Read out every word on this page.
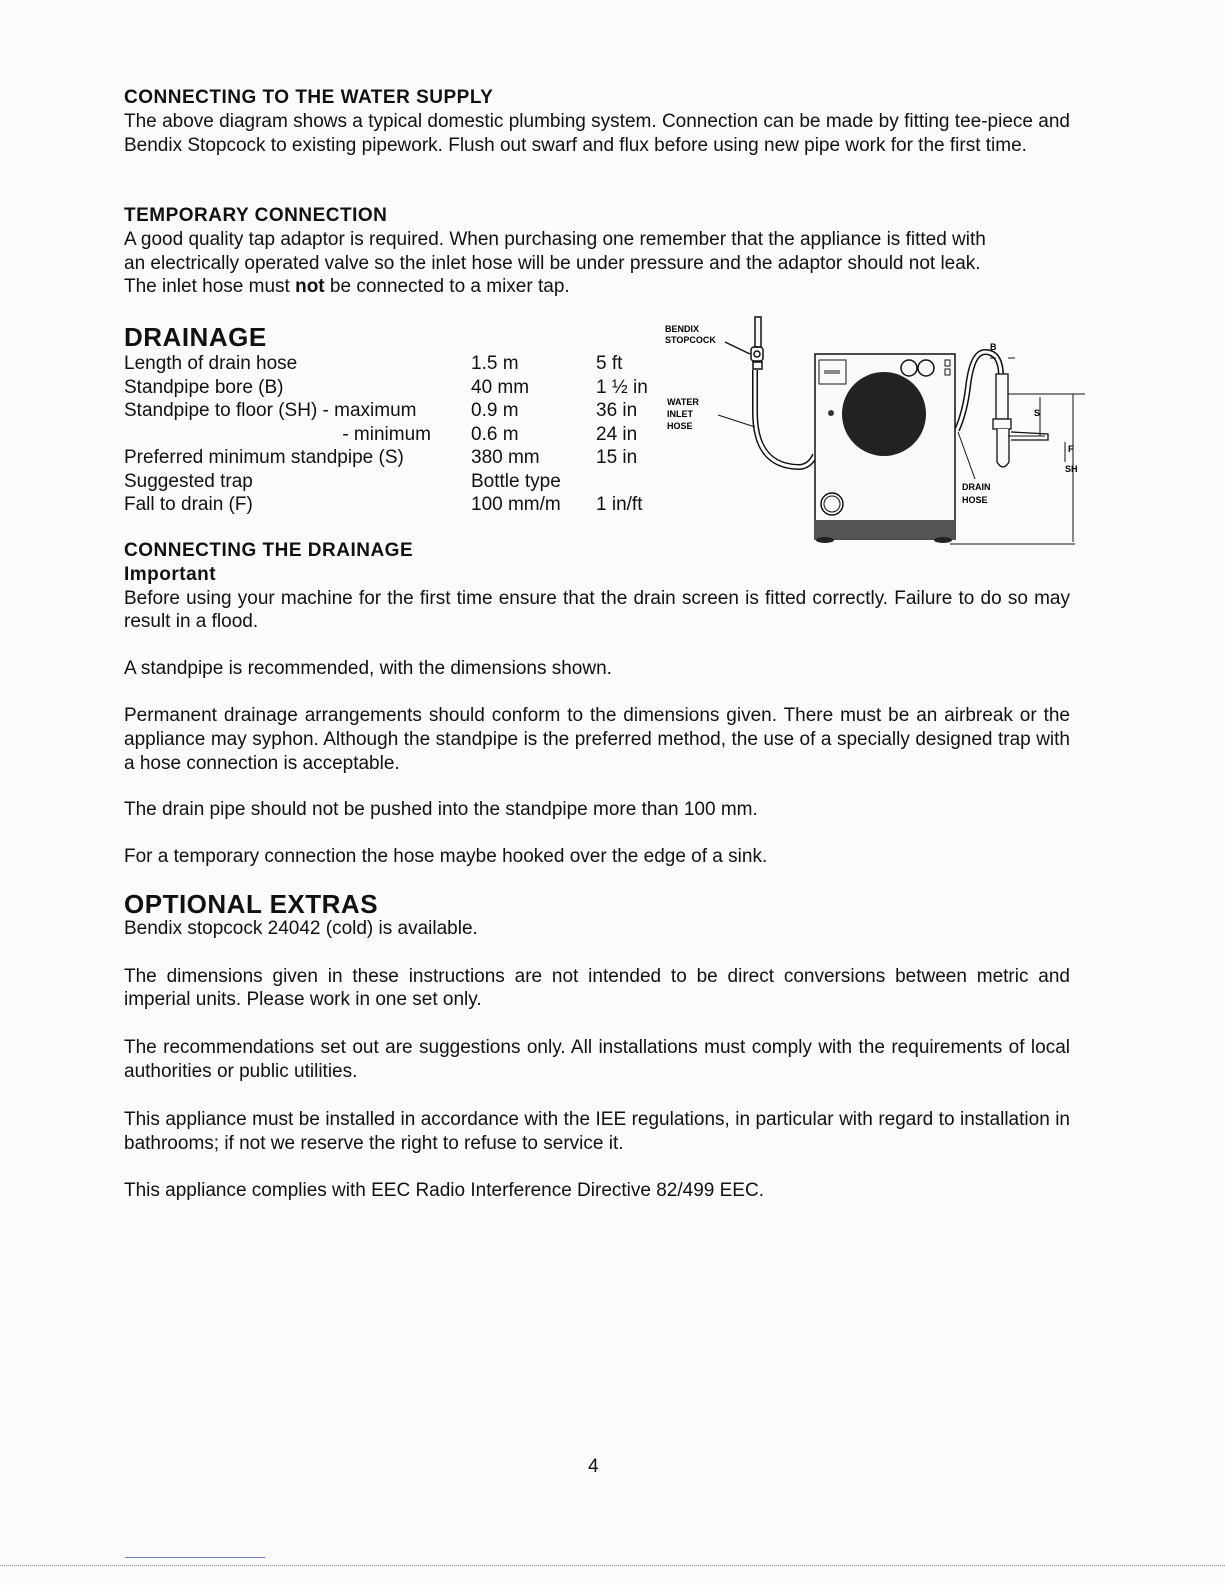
CONNECTING TO THE WATER SUPPLY
The above diagram shows a typical domestic plumbing system. Connection can be made by fitting tee-piece and Bendix Stopcock to existing pipework. Flush out swarf and flux before using new pipe work for the first time.
TEMPORARY CONNECTION
A good quality tap adaptor is required. When purchasing one remember that the appliance is fitted with
an electrically operated valve so the inlet hose will be under pressure and the adaptor should not leak.
The inlet hose must not be connected to a mixer tap.
DRAINAGE
Length of drain hose	1.5 m	5 ft
Standpipe bore (B)	40 mm	1 ½ in
Standpipe to floor (SH) - maximum	0.9 m	36 in
- minimum 0.6 m	24 in
Preferred minimum standpipe (S)	380 mm	15 in
Suggested trap	Bottle type
Fall to drain (F)	100 mm/m	1 in/ft
BENDIX
STOPCOCK
WATER
INLET
HOSE
DRAIN
HOSE
B
S
F
SH
CONNECTING THE DRAINAGE
Important
Before using your machine for the first time ensure that the drain screen is fitted correctly. Failure to do so may result in a flood.
A standpipe is recommended, with the dimensions shown.
Permanent drainage arrangements should conform to the dimensions given. There must be an airbreak or the appliance may syphon. Although the standpipe is the preferred method, the use of a specially designed trap with a hose connection is acceptable.
The drain pipe should not be pushed into the standpipe more than 100 mm.
For a temporary connection the hose maybe hooked over the edge of a sink.
OPTIONAL EXTRAS
Bendix stopcock 24042 (cold) is available.
The dimensions given in these instructions are not intended to be direct conversions between metric and imperial units. Please work in one set only.
The recommendations set out are suggestions only. All installations must comply with the requirements of local authorities or public utilities.
This appliance must be installed in accordance with the IEE regulations, in particular with regard to installation in bathrooms; if not we reserve the right to refuse to service it.
This appliance complies with EEC Radio Interference Directive 82/499 EEC.
4
